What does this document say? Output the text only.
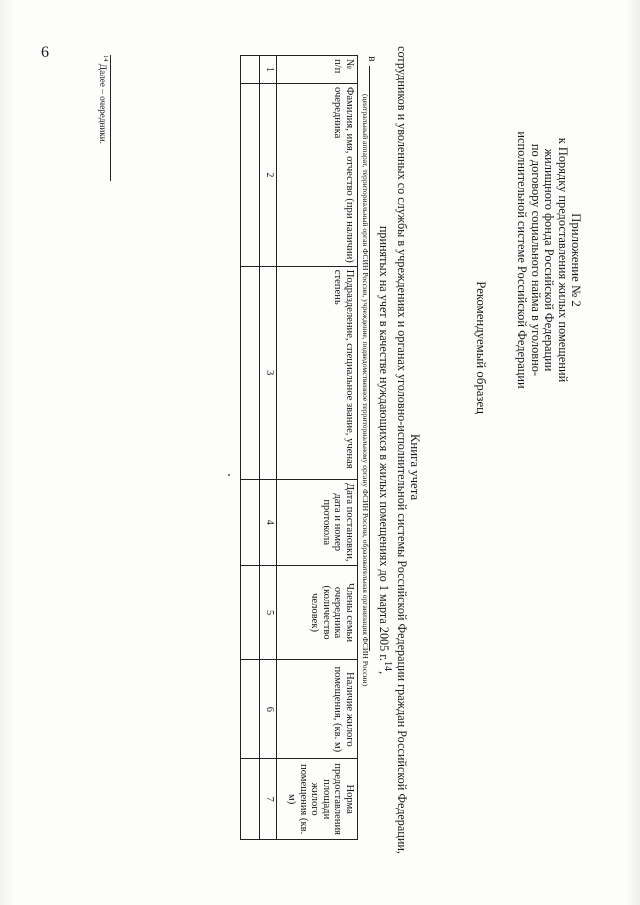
6
Приложение № 2
к Порядку предоставления жилых помещений
жилищного фонда Российской Федерации
по договору социального найма в уголовно-
исполнительной системе Российской Федерации
Рекомендуемый образец
Книга учета
сотрудников и уволенных со службы в учреждениях и органах уголовно-исполнительной системы Российской Федерации граждан Российской Федерации,
принятых на учет в качестве нуждающихся в жилых помещениях до 1 марта 2005 г.$^{14}$,
в
(центральный аппарат, территориальный орган ФСИН России, учреждение, подведомственное территориальному органу ФСИН России, образовательная организация ФСИН России)
№ п/п	Фамилия, имя, отчество (при наличии) очередника	Подразделение, специальное звание, ученая степень	Дата постановки, дата и номер протокола	Члены семьи очередника (количество человек)	Наличие жилого помещения, (кв. м)	Норма предоставления площади жилого помещения (кв. м)
1	2	3	4	5	6	7

$^{14}$ Далее – очередники.
